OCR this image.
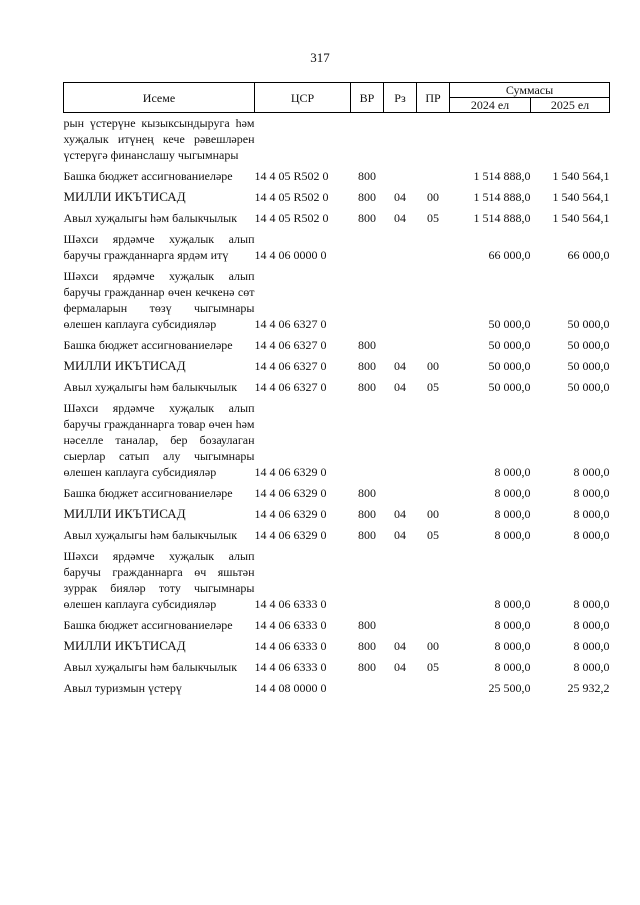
317
Исеме	ЦСР	ВР	Рз	ПР	Суммасы	
					2024 ел	2025 ел
рын үстерүне кызыксындыруга һәм хуҗалык итүнең кече рәвешләрен үстерүгә финанслашу чыгымнары						
Башка бюджет ассигнованиеләре	14 4 05 R502 0	800			1 514 888,0	1 540 564,1
МИЛЛИ ИКЪТИСАД	14 4 05 R502 0	800	04	00	1 514 888,0	1 540 564,1
Авыл хуҗалыгы һәм балыкчылык	14 4 05 R502 0	800	04	05	1 514 888,0	1 540 564,1
Шәхси ярдәмче хуҗалык алып баручы гражданнарга ярдәм итү	14 4 06 0000 0				66 000,0	66 000,0
Шәхси ярдәмче хуҗалык алып баручы гражданнар өчен кечкенә сөт фермаларын төзү чыгымнары өлешен каплауга субсидияләр	14 4 06 6327 0				50 000,0	50 000,0
Башка бюджет ассигнованиеләре	14 4 06 6327 0	800			50 000,0	50 000,0
МИЛЛИ ИКЪТИСАД	14 4 06 6327 0	800	04	00	50 000,0	50 000,0
Авыл хуҗалыгы һәм балыкчылык	14 4 06 6327 0	800	04	05	50 000,0	50 000,0
Шәхси ярдәмче хуҗалык алып баручы гражданнарга товар өчен һәм нәселле таналар, бер бозаулаган сыерлар сатып алу чыгымнары өлешен каплауга субсидияләр	14 4 06 6329 0				8 000,0	8 000,0
Башка бюджет ассигнованиеләре	14 4 06 6329 0	800			8 000,0	8 000,0
МИЛЛИ ИКЪТИСАД	14 4 06 6329 0	800	04	00	8 000,0	8 000,0
Авыл хуҗалыгы һәм балыкчылык	14 4 06 6329 0	800	04	05	8 000,0	8 000,0
Шәхси ярдәмче хуҗалык алып баручы гражданнарга өч яшьтән зуррак бияләр тоту чыгымнары өлешен каплауга субсидияләр	14 4 06 6333 0				8 000,0	8 000,0
Башка бюджет ассигнованиеләре	14 4 06 6333 0	800			8 000,0	8 000,0
МИЛЛИ ИКЪТИСАД	14 4 06 6333 0	800	04	00	8 000,0	8 000,0
Авыл хуҗалыгы һәм балыкчылык	14 4 06 6333 0	800	04	05	8 000,0	8 000,0
Авыл туризмын үстерү	14 4 08 0000 0				25 500,0	25 932,2
